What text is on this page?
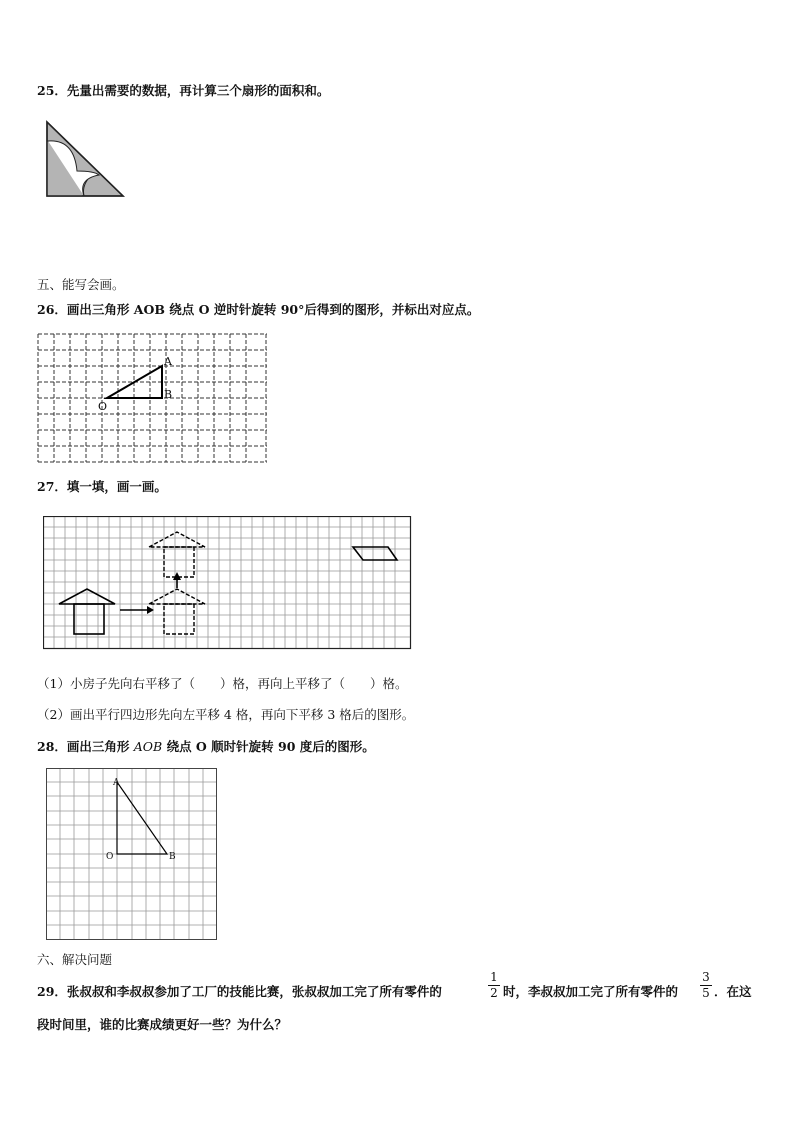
25．先量出需要的数据，再计算三个扇形的面积和。
五、能写会画。
26．画出三角形 AOB 绕点 O 逆时针旋转 90°后得到的图形，并标出对应点。
A
B
O
27．填一填，画一画。
（1）小房子先向右平移了（　　）格，再向上平移了（　　）格。
（2）画出平行四边形先向左平移 4 格，再向下平移 3 格后的图形。
28．画出三角形 AOB 绕点 O 顺时针旋转 90 度后的图形。
A
O	B
六、解决问题
29．张叔叔和李叔叔参加了工厂的技能比赛，张叔叔加工完了所有零件的
1
2 时，李叔叔加工完了所有零件的
3
5 ．在这
段时间里，谁的比赛成绩更好一些？为什么？
